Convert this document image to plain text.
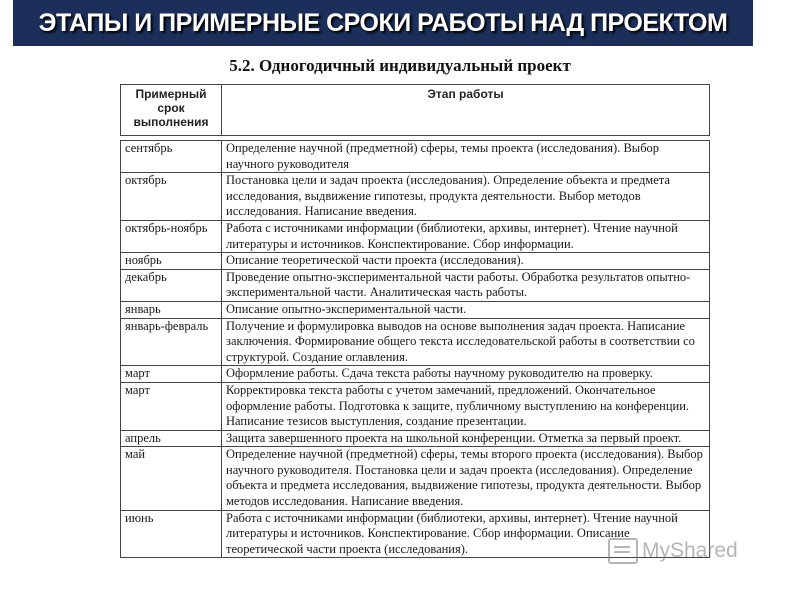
ЭТАПЫ И ПРИМЕРНЫЕ СРОКИ РАБОТЫ НАД ПРОЕКТОМ
5.2. Одногодичный индивидуальный проект
Примерный срок выполнения	Этап работы
сентябрь	Определение научной (предметной) сферы, темы проекта (исследования). Выбор научного руководителя
октябрь	Постановка цели и задач проекта (исследования). Определение объекта и предмета исследования, выдвижение гипотезы, продукта деятельности. Выбор методов исследования. Написание введения.
октябрь-ноябрь	Работа с источниками информации (библиотеки, архивы, интернет). Чтение научной литературы и источников. Конспектирование. Сбор информации.
ноябрь	Описание теоретической части проекта (исследования).
декабрь	Проведение опытно-экспериментальной части работы. Обработка результатов опытно-экспериментальной части. Аналитическая часть работы.
январь	Описание опытно-экспериментальной части.
январь-февраль	Получение и формулировка выводов на основе выполнения задач проекта. Написание заключения. Формирование общего текста исследовательской работы в соответствии со структурой. Создание оглавления.
март	Оформление работы. Сдача текста работы научному руководителю на проверку.
март	Корректировка текста работы с учетом замечаний, предложений. Окончательное оформление работы. Подготовка к защите, публичному выступлению на конференции. Написание тезисов выступления, создание презентации.
апрель	Защита завершенного проекта на школьной конференции. Отметка за первый проект.
май	Определение научной (предметной) сферы, темы второго проекта (исследования). Выбор научного руководителя. Постановка цели и задач проекта (исследования). Определение объекта и предмета исследования, выдвижение гипотезы, продукта деятельности. Выбор методов исследования. Написание введения.
июнь	Работа с источниками информации (библиотеки, архивы, интернет). Чтение научной литературы и источников. Конспектирование. Сбор информации. Описание теоретической части проекта (исследования).	MyShared
